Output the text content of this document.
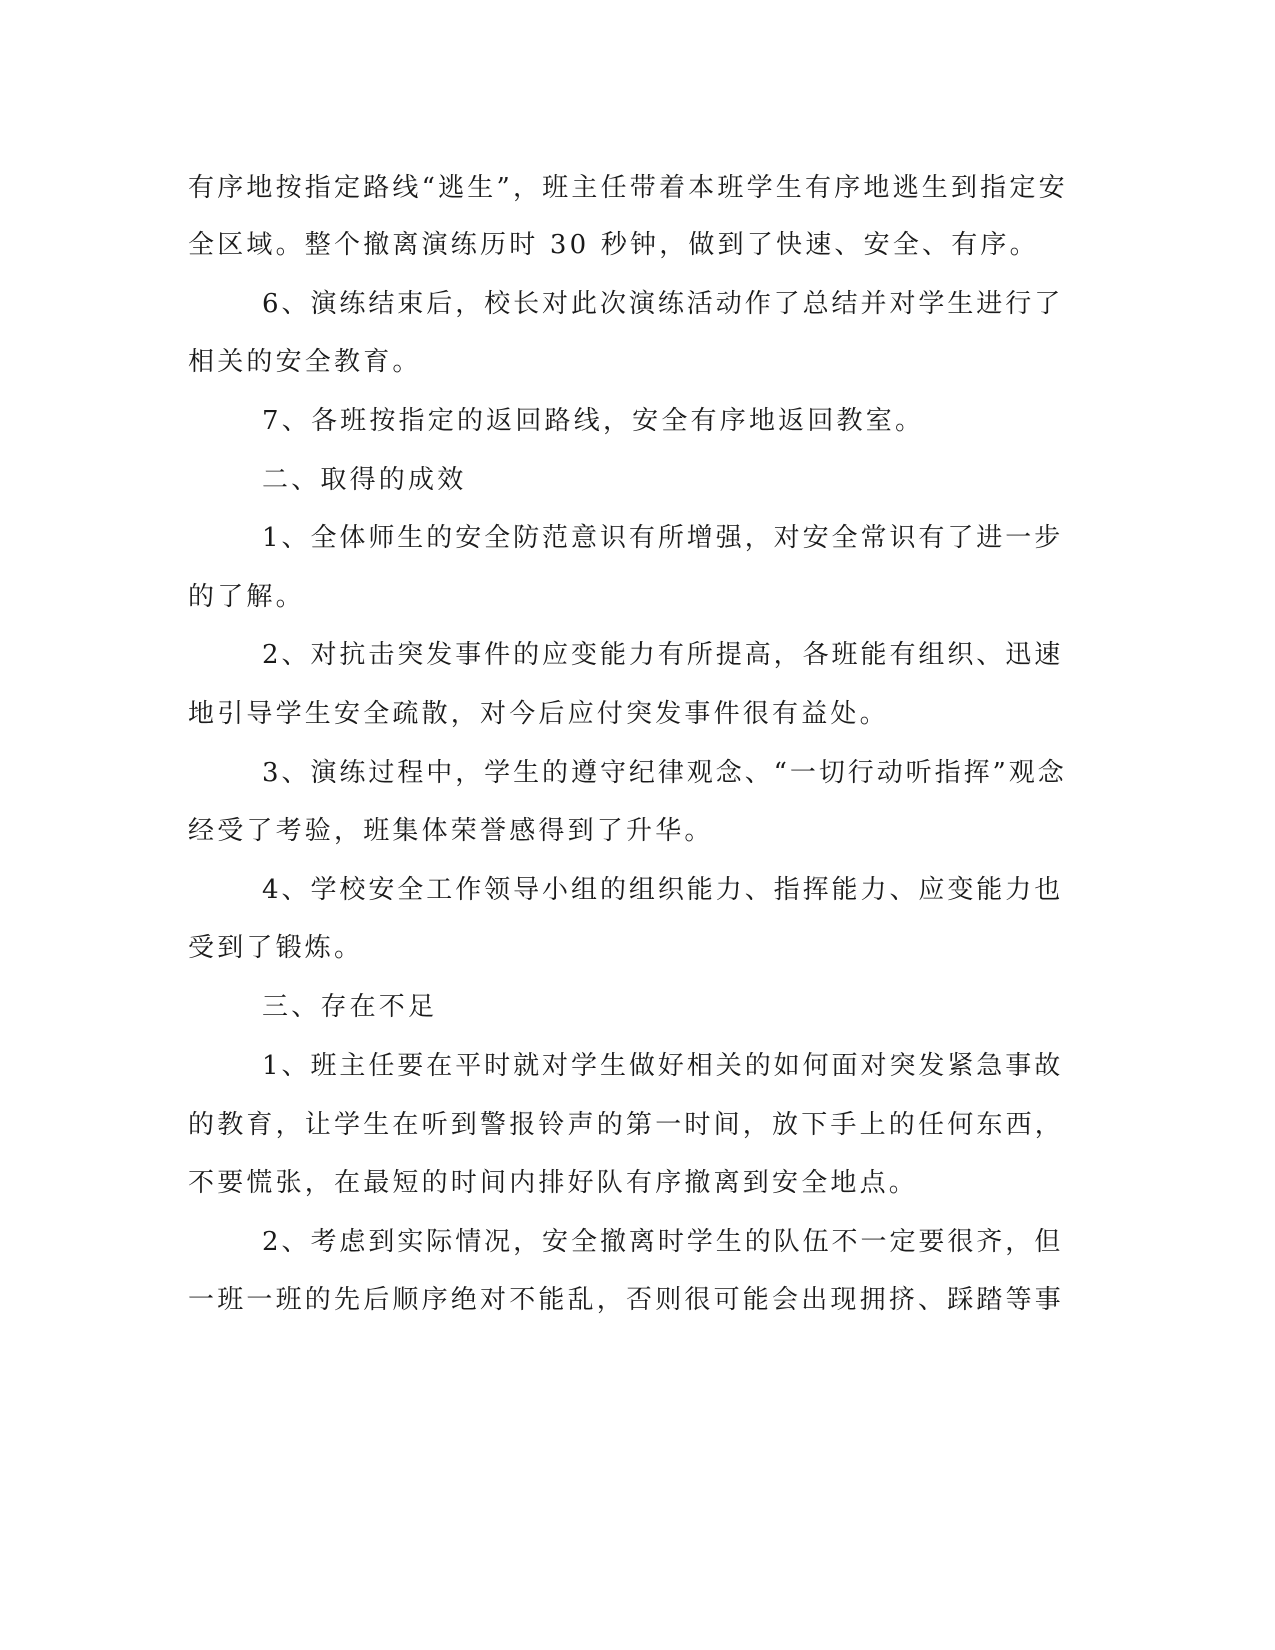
有序地按指定路线“逃生”，班主任带着本班学生有序地逃生到指定安
全区域。整个撤离演练历时 30 秒钟，做到了快速、安全、有序。
6、演练结束后，校长对此次演练活动作了总结并对学生进行了
相关的安全教育。
7、各班按指定的返回路线，安全有序地返回教室。
二、取得的成效
1、全体师生的安全防范意识有所增强，对安全常识有了进一步
的了解。
2、对抗击突发事件的应变能力有所提高，各班能有组织、迅速
地引导学生安全疏散，对今后应付突发事件很有益处。
3、演练过程中，学生的遵守纪律观念、“一切行动听指挥”观念
经受了考验，班集体荣誉感得到了升华。
4、学校安全工作领导小组的组织能力、指挥能力、应变能力也
受到了锻炼。
三、存在不足
1、班主任要在平时就对学生做好相关的如何面对突发紧急事故
的教育，让学生在听到警报铃声的第一时间，放下手上的任何东西，
不要慌张，在最短的时间内排好队有序撤离到安全地点。
2、考虑到实际情况，安全撤离时学生的队伍不一定要很齐，但
一班一班的先后顺序绝对不能乱，否则很可能会出现拥挤、踩踏等事
